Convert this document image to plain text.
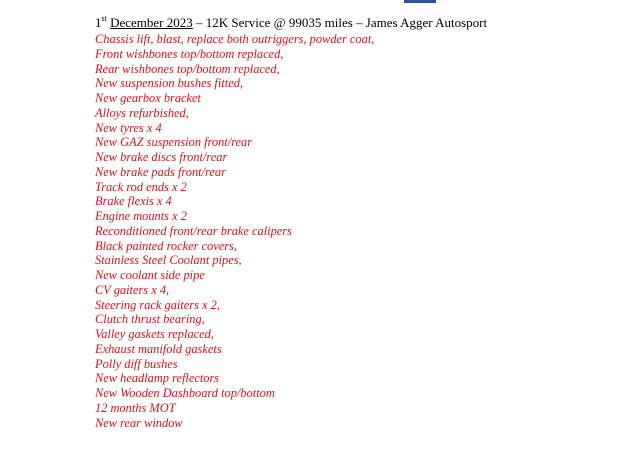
1st December 2023 – 12K Service @ 99035 miles – James Agger Autosport
Chassis lift, blast, replace both outriggers, powder coat,
Front wishbones top/bottom replaced,
Rear wishbones top/bottom replaced,
New suspension bushes fitted,
New gearbox bracket
Alloys refurbished,
New tyres x 4
New GAZ suspension front/rear
New brake discs front/rear
New brake pads front/rear
Track rod ends x 2
Brake flexis x 4
Engine mounts x 2
Reconditioned front/rear brake calipers
Black painted rocker covers,
Stainless Steel Coolant pipes,
New coolant side pipe
CV gaiters x 4,
Steering rack gaiters x 2,
Clutch thrust bearing,
Valley gaskets replaced,
Exhaust manifold gaskets
Polly diff bushes
New headlamp reflectors
New Wooden Dashboard top/bottom
12 months MOT
New rear window
